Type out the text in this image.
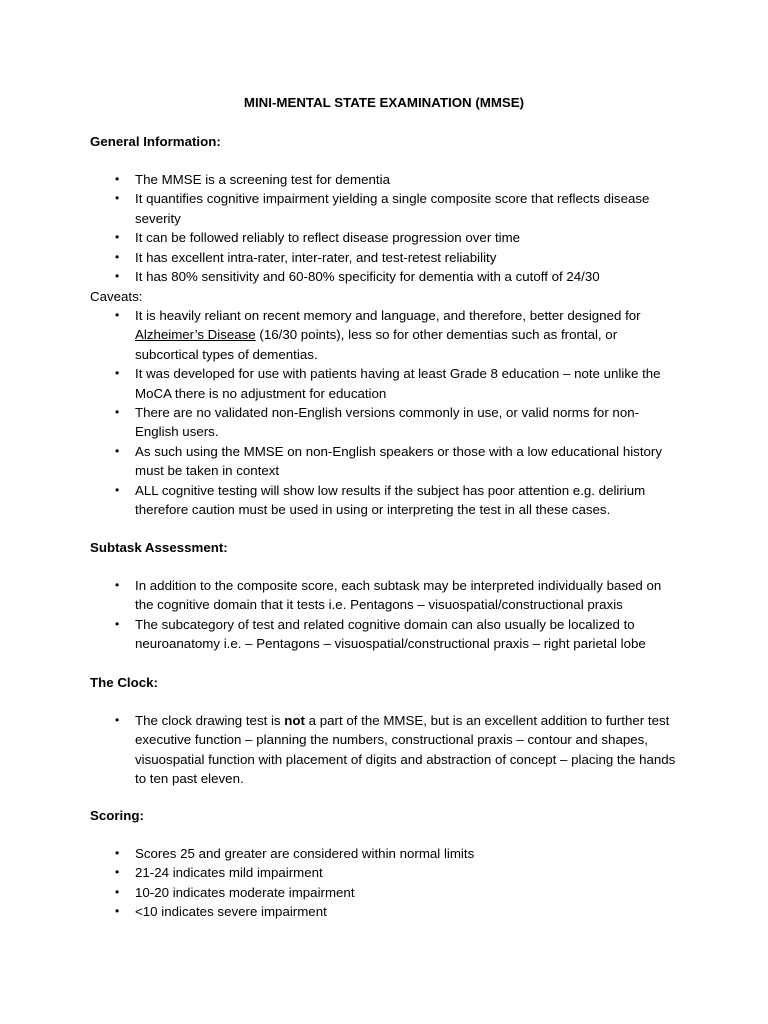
MINI-MENTAL STATE EXAMINATION (MMSE)
General Information:
• The MMSE is a screening test for dementia
• It quantifies cognitive impairment yielding a single composite score that reflects disease severity
• It can be followed reliably to reflect disease progression over time
• It has excellent intra-rater, inter-rater, and test-retest reliability
• It has 80% sensitivity and 60-80% specificity for dementia with a cutoff of 24/30
Caveats:
• It is heavily reliant on recent memory and language, and therefore, better designed for
Alzheimer’s Disease (16/30 points), less so for other dementias such as frontal, or subcortical types of dementias.
• It was developed for use with patients having at least Grade 8 education – note unlike the MoCA there is no adjustment for education
• There are no validated non-English versions commonly in use, or valid norms for non-English users.
• As such using the MMSE on non-English speakers or those with a low educational history must be taken in context
• ALL cognitive testing will show low results if the subject has poor attention e.g. delirium therefore caution must be used in using or interpreting the test in all these cases.
Subtask Assessment:
• In addition to the composite score, each subtask may be interpreted individually based on the cognitive domain that it tests i.e. Pentagons – visuospatial/constructional praxis
• The subcategory of test and related cognitive domain can also usually be localized to neuroanatomy i.e. – Pentagons – visuospatial/constructional praxis – right parietal lobe
The Clock:
• The clock drawing test is not a part of the MMSE, but is an excellent addition to further test executive function – planning the numbers, constructional praxis – contour and shapes, visuospatial function with placement of digits and abstraction of concept – placing the hands to ten past eleven.
Scoring:
• Scores 25 and greater are considered within normal limits
• 21-24 indicates mild impairment
• 10-20 indicates moderate impairment
• <10 indicates severe impairment
